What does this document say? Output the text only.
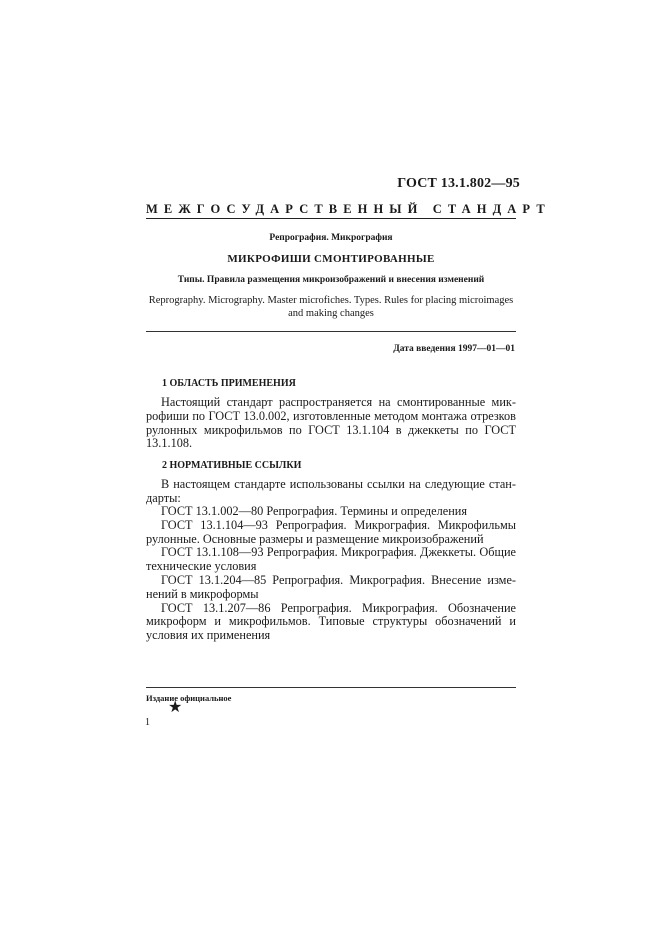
ГОСТ 13.1.802—95
МЕЖГОСУДАРСТВЕННЫЙ СТАНДАРТ
Репрография. Микрография
МИКРОФИШИ СМОНТИРОВАННЫЕ
Типы. Правила размещения микроизображений и внесения изменений
Reprography. Micrography. Master microfiches. Types. Rules for placing microimages
and making changes
Дата введения 1997—01—01
1 ОБЛАСТЬ ПРИМЕНЕНИЯ
Настоящий стандарт распространяется на смонтированные мик-рофиши по ГОСТ 13.0.002, изготовленные методом монтажа отрезков рулонных микрофильмов по ГОСТ 13.1.104 в джеккеты по ГОСТ 13.1.108.
2 НОРМАТИВНЫЕ ССЫЛКИ
В настоящем стандарте использованы ссылки на следующие стан-дарты:
ГОСТ 13.1.002—80 Репрография. Термины и определения
ГОСТ 13.1.104—93 Репрография. Микрография. Микрофильмы рулонные. Основные размеры и размещение микроизображений
ГОСТ 13.1.108—93 Репрография. Микрография. Джеккеты. Общие технические условия
ГОСТ 13.1.204—85 Репрография. Микрография. Внесение изме-нений в микроформы
ГОСТ 13.1.207—86 Репрография. Микрография. Обозначение микроформ и микрофильмов. Типовые структуры обозначений и условия их применения
Издание официальное
★
1
